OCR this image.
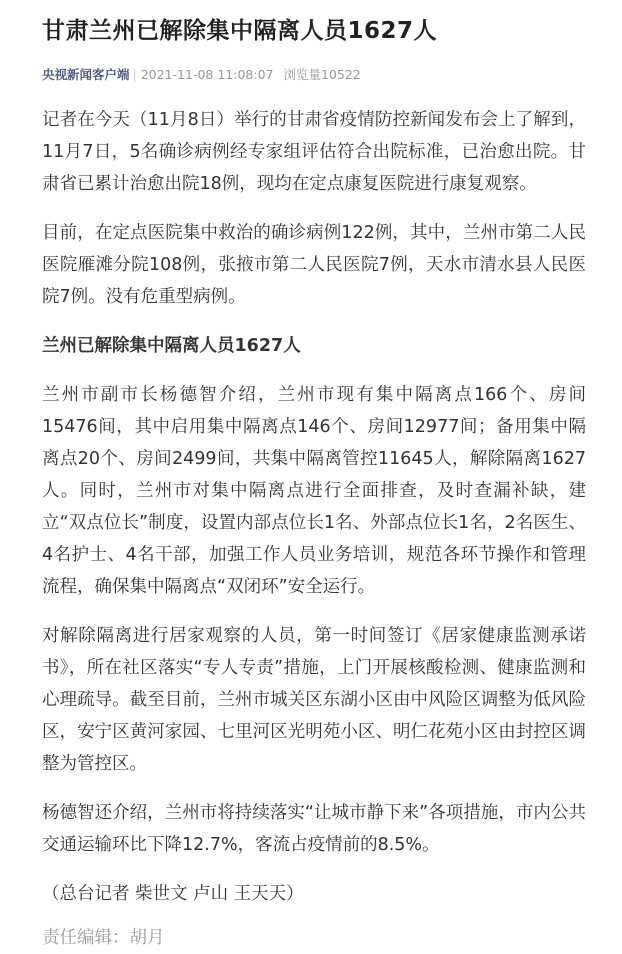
甘肃兰州已解除集中隔离人员1627人
央视新闻客户端 | 2021-11-08 11:08:07 浏览量10522

记者在今天（11月8日）举行的甘肃省疫情防控新闻发布会上了解到，11月7日，5名确诊病例经专家组评估符合出院标准，已治愈出院。甘肃省已累计治愈出院18例，现均在定点康复医院进行康复观察。

目前，在定点医院集中救治的确诊病例122例，其中，兰州市第二人民医院雁滩分院108例，张掖市第二人民医院7例，天水市清水县人民医院7例。没有危重型病例。

兰州已解除集中隔离人员1627人

兰州市副市长杨德智介绍，兰州市现有集中隔离点166个、房间15476间，其中启用集中隔离点146个、房间12977间；备用集中隔离点20个、房间2499间，共集中隔离管控11645人，解除隔离1627人。同时，兰州市对集中隔离点进行全面排查，及时查漏补缺，建立“双点位长”制度，设置内部点位长1名、外部点位长1名，2名医生、4名护士、4名干部，加强工作人员业务培训，规范各环节操作和管理流程，确保集中隔离点“双闭环”安全运行。

对解除隔离进行居家观察的人员，第一时间签订《居家健康监测承诺书》，所在社区落实“专人专责”措施，上门开展核酸检测、健康监测和心理疏导。截至目前，兰州市城关区东湖小区由中风险区调整为低风险区，安宁区黄河家园、七里河区光明苑小区、明仁花苑小区由封控区调整为管控区。

杨德智还介绍，兰州市将持续落实“让城市静下来”各项措施，市内公共交通运输环比下降12.7%，客流占疫情前的8.5%。

（总台记者 柴世文 卢山 王天天）

责任编辑：胡月
